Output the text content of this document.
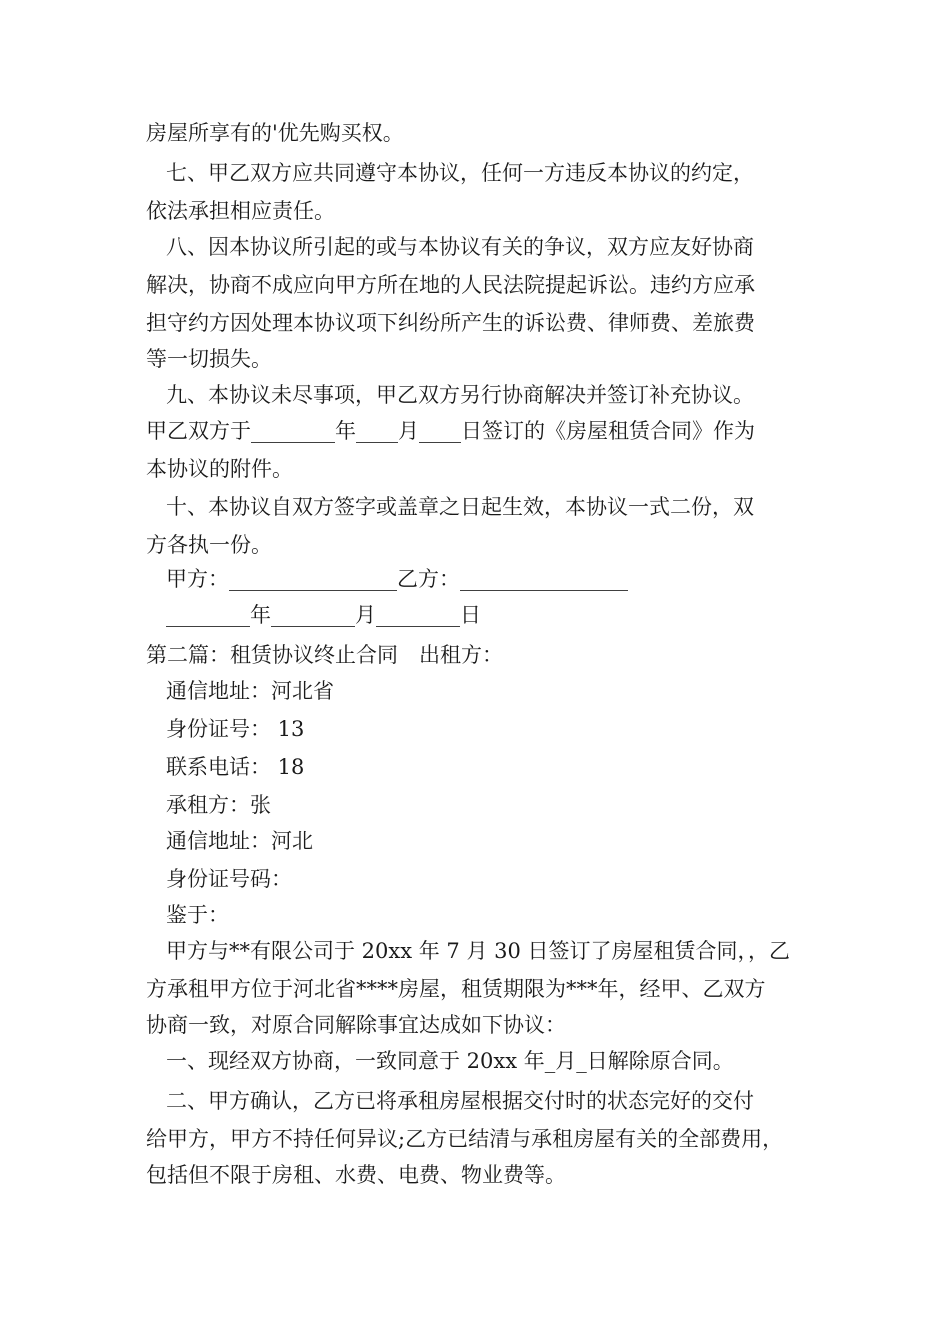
房屋所享有的'优先购买权。
七、甲乙双方应共同遵守本协议，任何一方违反本协议的约定，
依法承担相应责任。
八、因本协议所引起的或与本协议有关的争议，双方应友好协商
解决，协商不成应向甲方所在地的人民法院提起诉讼。违约方应承
担守约方因处理本协议项下纠纷所产生的诉讼费、律师费、差旅费
等一切损失。
九、本协议未尽事项，甲乙双方另行协商解决并签订补充协议。
甲乙双方于________年____月____日签订的《房屋租赁合同》作为
本协议的附件。
十、本协议自双方签字或盖章之日起生效，本协议一式二份，双
方各执一份。
甲方：________________乙方：________________
________年________月________日
第二篇：租赁协议终止合同　出租方：
通信地址：河北省
身份证号： 13
联系电话： 18
承租方：张
通信地址：河北
身份证号码：
鉴于：
甲方与**有限公司于 20xx 年 7 月 30 日签订了房屋租赁合同，，乙
方承租甲方位于河北省****房屋，租赁期限为***年，经甲、乙双方
协商一致，对原合同解除事宜达成如下协议：
一、现经双方协商，一致同意于 20xx 年_月_日解除原合同。
二、甲方确认，乙方已将承租房屋根据交付时的状态完好的交付
给甲方，甲方不持任何异议;乙方已结清与承租房屋有关的全部费用，
包括但不限于房租、水费、电费、物业费等。
